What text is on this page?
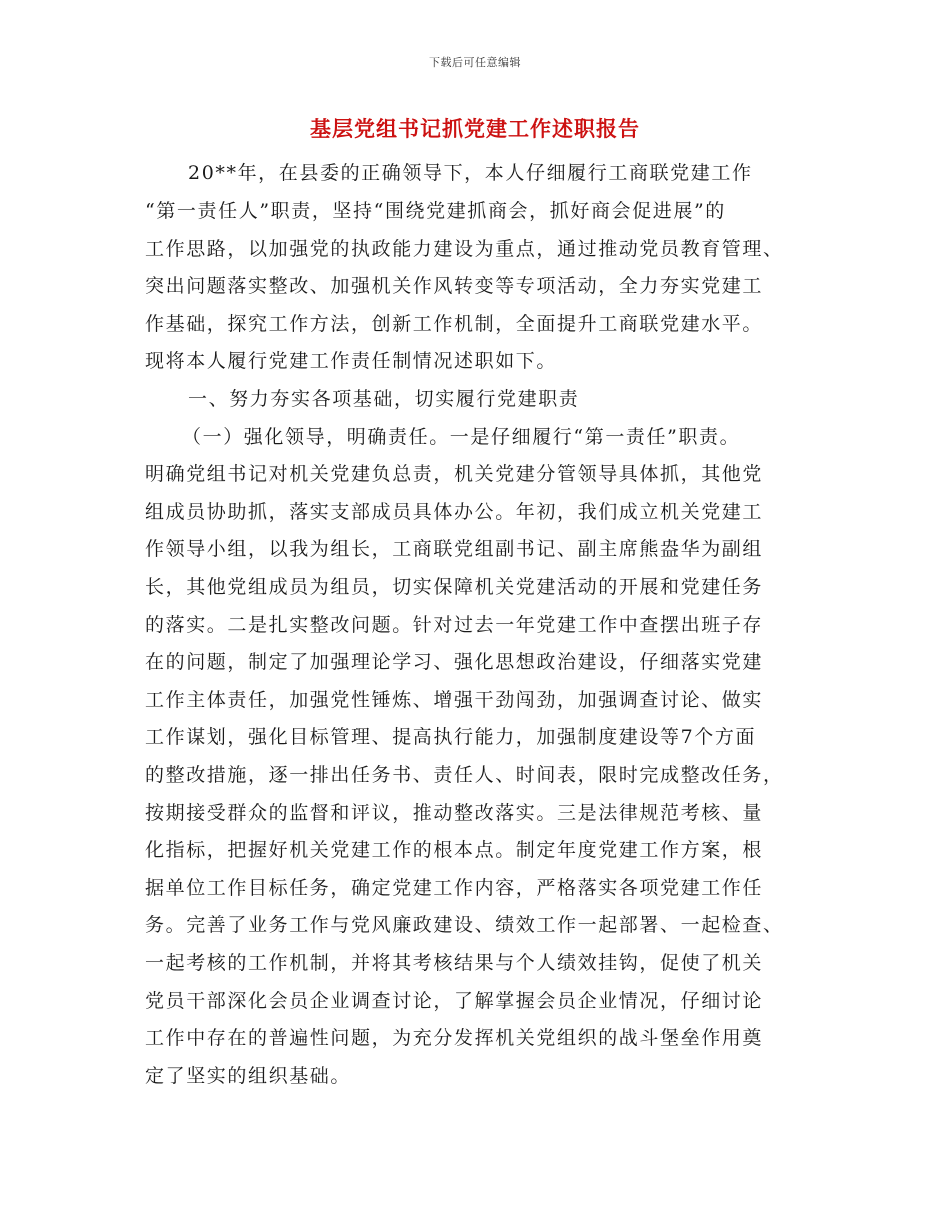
下载后可任意编辑
基层党组书记抓党建工作述职报告
20**年，在县委的正确领导下，本人仔细履行工商联党建工作
“第一责任人”职责，坚持“围绕党建抓商会，抓好商会促进展”的
工作思路，以加强党的执政能力建设为重点，通过推动党员教育管理、
突出问题落实整改、加强机关作风转变等专项活动，全力夯实党建工
作基础，探究工作方法，创新工作机制，全面提升工商联党建水平。
现将本人履行党建工作责任制情况述职如下。
一、努力夯实各项基础，切实履行党建职责
（一）强化领导，明确责任。一是仔细履行“第一责任”职责。
明确党组书记对机关党建负总责，机关党建分管领导具体抓，其他党
组成员协助抓，落实支部成员具体办公。年初，我们成立机关党建工
作领导小组，以我为组长，工商联党组副书记、副主席熊盎华为副组
长，其他党组成员为组员，切实保障机关党建活动的开展和党建任务
的落实。二是扎实整改问题。针对过去一年党建工作中查摆出班子存
在的问题，制定了加强理论学习、强化思想政治建设，仔细落实党建
工作主体责任，加强党性锤炼、增强干劲闯劲，加强调查讨论、做实
工作谋划，强化目标管理、提高执行能力，加强制度建设等7个方面
的整改措施，逐一排出任务书、责任人、时间表，限时完成整改任务，
按期接受群众的监督和评议，推动整改落实。三是法律规范考核、量
化指标，把握好机关党建工作的根本点。制定年度党建工作方案，根
据单位工作目标任务，确定党建工作内容，严格落实各项党建工作任
务。完善了业务工作与党风廉政建设、绩效工作一起部署、一起检查、
一起考核的工作机制，并将其考核结果与个人绩效挂钩，促使了机关
党员干部深化会员企业调查讨论，了解掌握会员企业情况，仔细讨论
工作中存在的普遍性问题，为充分发挥机关党组织的战斗堡垒作用奠
定了坚实的组织基础。
